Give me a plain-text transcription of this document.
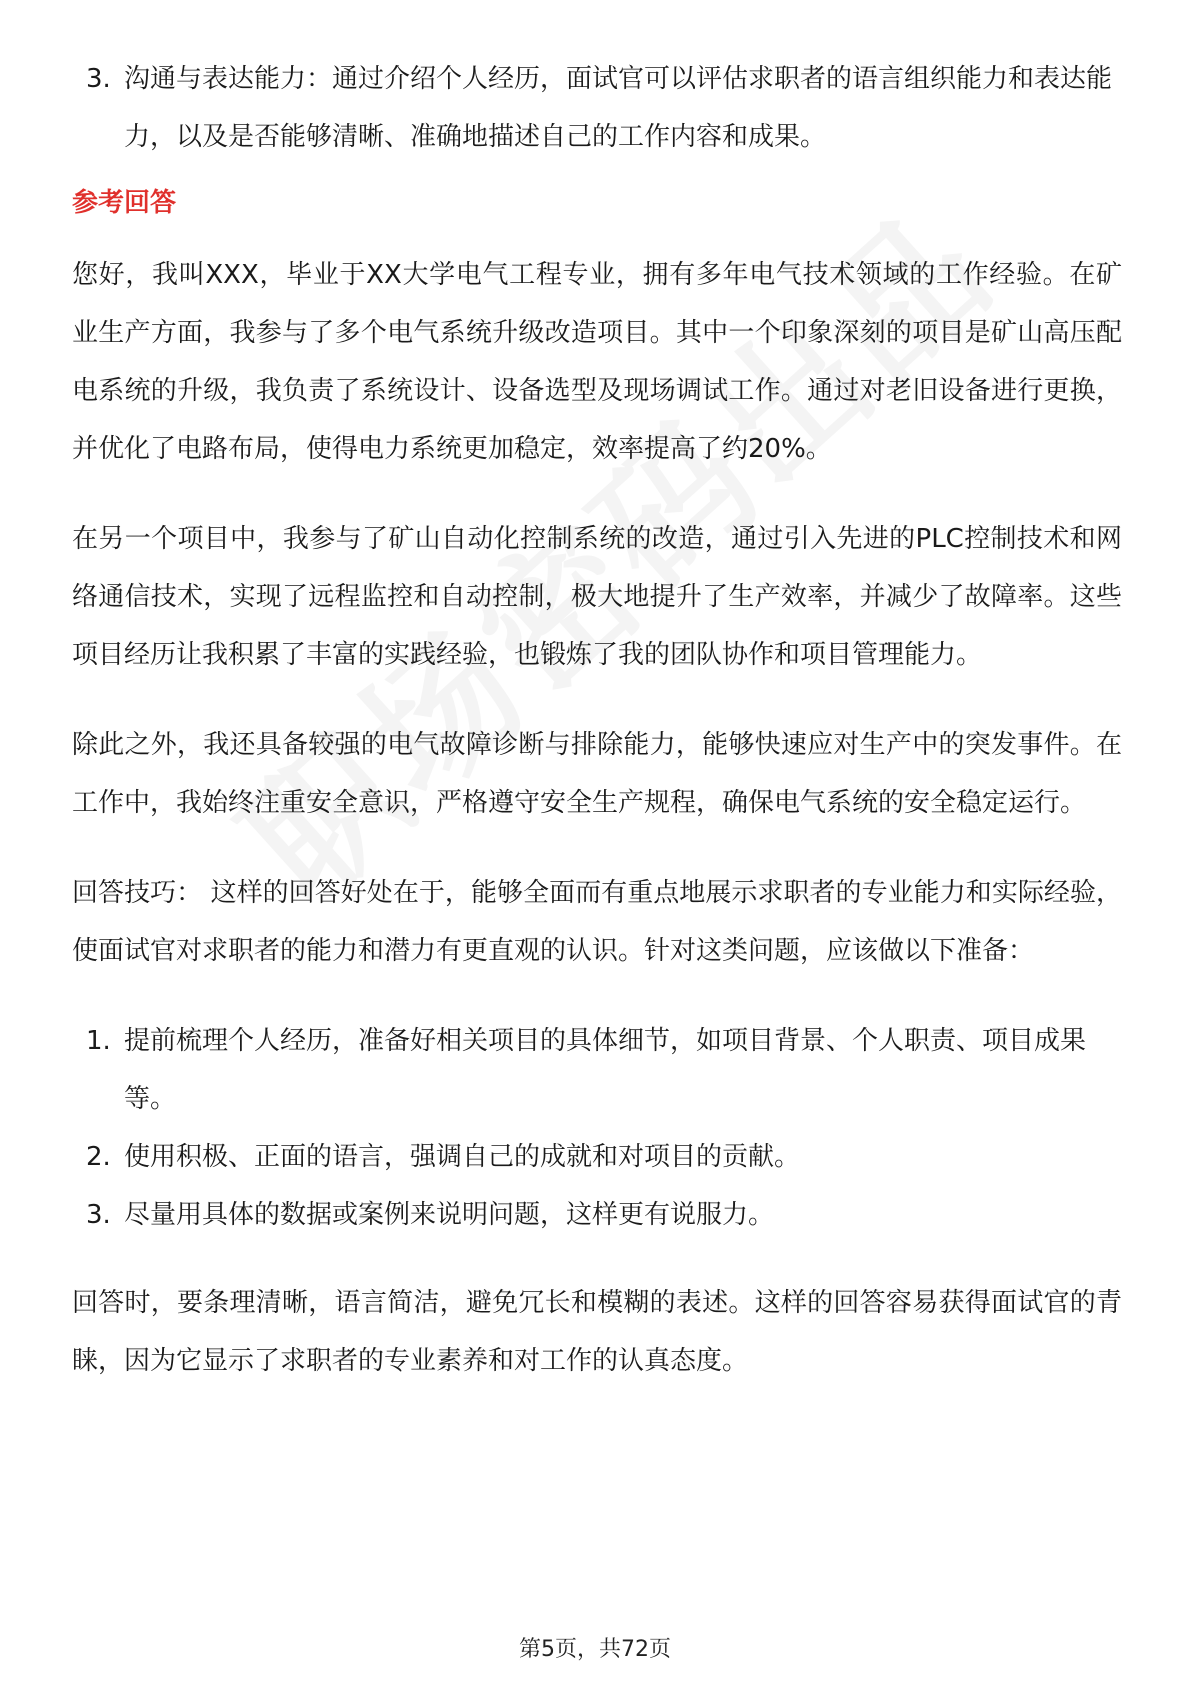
3. 沟通与表达能力：通过介绍个人经历，面试官可以评估求职者的语言组织能力和表达能力，以及是否能够清晰、准确地描述自己的工作内容和成果。
参考回答

您好，我叫XXX，毕业于XX大学电气工程专业，拥有多年电气技术领域的工作经验。在矿业生产方面，我参与了多个电气系统升级改造项目。其中一个印象深刻的项目是矿山高压配电系统的升级，我负责了系统设计、设备选型及现场调试工作。通过对老旧设备进行更换，并优化了电路布局，使得电力系统更加稳定，效率提高了约20%。

在另一个项目中，我参与了矿山自动化控制系统的改造，通过引入先进的PLC控制技术和网络通信技术，实现了远程监控和自动控制，极大地提升了生产效率，并减少了故障率。这些项目经历让我积累了丰富的实践经验，也锻炼了我的团队协作和项目管理能力。

除此之外，我还具备较强的电气故障诊断与排除能力，能够快速应对生产中的突发事件。在工作中，我始终注重安全意识，严格遵守安全生产规程，确保电气系统的安全稳定运行。

回答技巧： 这样的回答好处在于，能够全面而有重点地展示求职者的专业能力和实际经验，使面试官对求职者的能力和潜力有更直观的认识。针对这类问题，应该做以下准备：

1. 提前梳理个人经历，准备好相关项目的具体细节，如项目背景、个人职责、项目成果等。
2. 使用积极、正面的语言，强调自己的成就和对项目的贡献。
3. 尽量用具体的数据或案例来说明问题，这样更有说服力。

回答时，要条理清晰，语言简洁，避免冗长和模糊的表述。这样的回答容易获得面试官的青睐，因为它显示了求职者的专业素养和对工作的认真态度。

第5页，共72页
